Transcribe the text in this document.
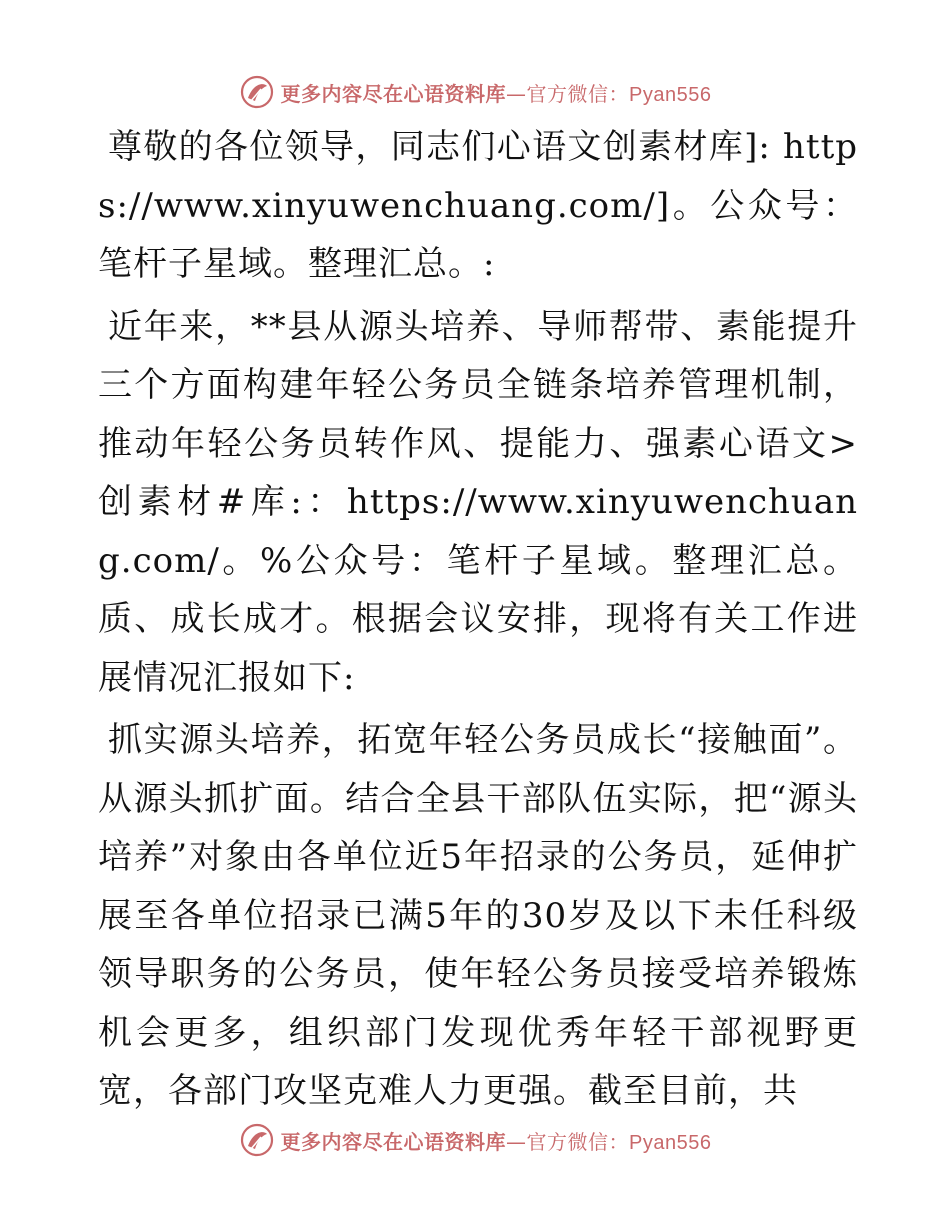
更多内容尽在心语资料库—官方微信：Pyan556

尊敬的各位领导，同志们心语文创素材库]: https://www.xinyuwenchuang.com/]。公众号：笔杆子星域。整理汇总。:

近年来，**县从源头培养、导师帮带、素能提升三个方面构建年轻公务员全链条培养管理机制，推动年轻公务员转作风、提能力、强素心语文>创素材#库:：https://www.xinyuwenchuang.com/。%公众号：笔杆子星域。整理汇总。质、成长成才。根据会议安排，现将有关工作进展情况汇报如下:

抓实源头培养，拓宽年轻公务员成长“接触面”。从源头抓扩面。结合全县干部队伍实际，把“源头培养”对象由各单位近5年招录的公务员，延伸扩展至各单位招录已满5年的30岁及以下未任科级领导职务的公务员，使年轻公务员接受培养锻炼机会更多，组织部门发现优秀年轻干部视野更宽，各部门攻坚克难人力更强。截至目前，共

更多内容尽在心语资料库—官方微信：Pyan556
